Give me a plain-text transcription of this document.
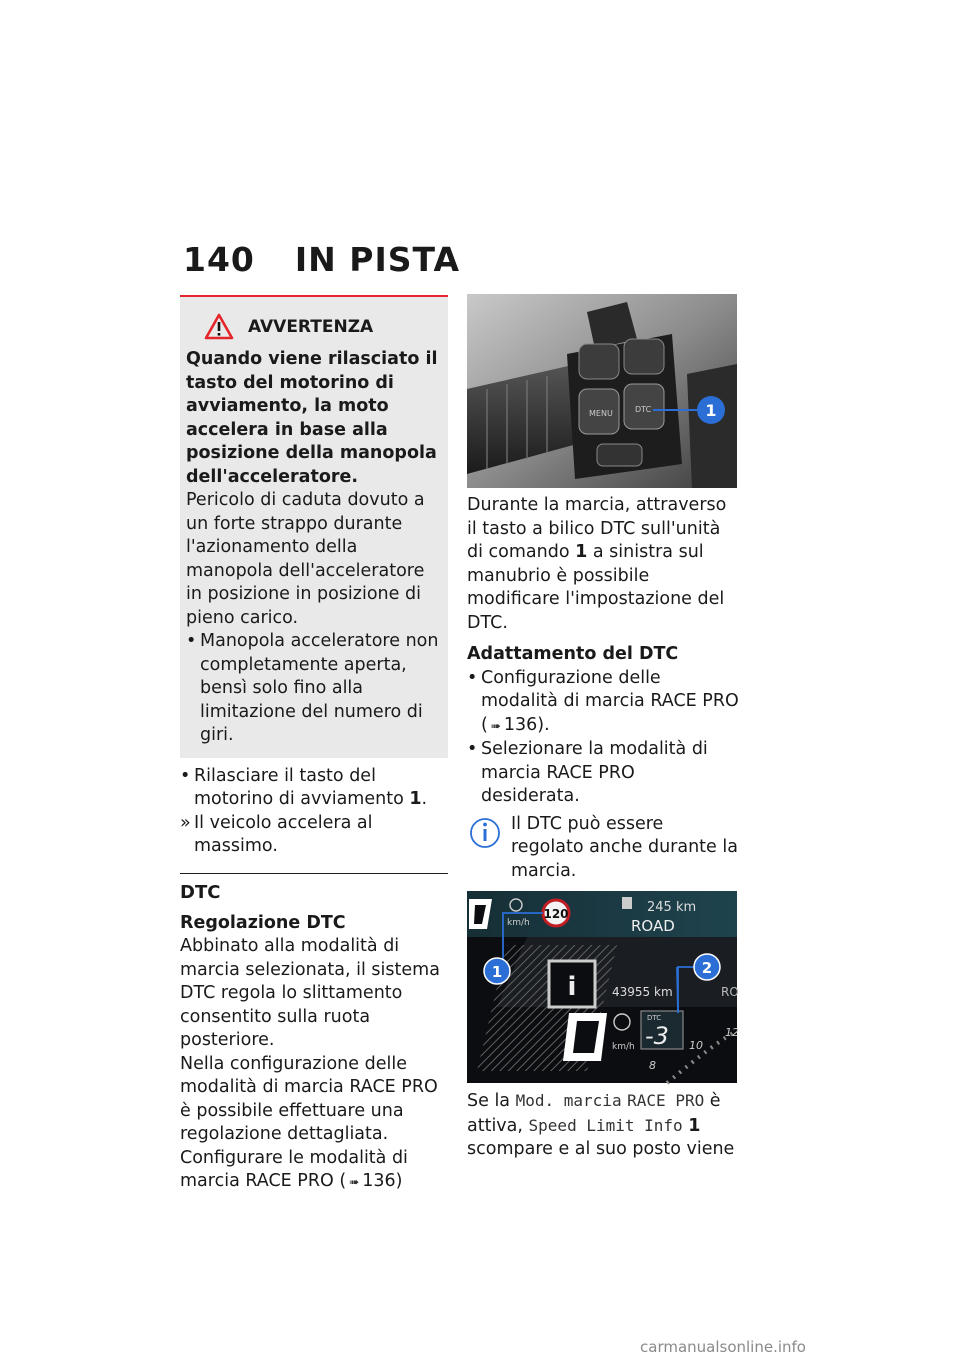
140 IN PISTA
AVVERTENZA
Quando viene rilasciato il tasto del motorino di avviamento, la moto accelera in base alla posizione della manopola dell'acceleratore.
Pericolo di caduta dovuto a un forte strappo durante l'azionamento della manopola dell'acceleratore in posizione in posizione di pieno carico.
• Manopola acceleratore non completamente aperta, bensì solo fino alla limitazione del numero di giri.
• Rilasciare il tasto del motorino di avviamento 1.
» Il veicolo accelera al massimo.
DTC
Regolazione DTC

Abbinato alla modalità di marcia selezionata, il sistema DTC regola lo slittamento consentito sulla ruota posteriore.

Nella configurazione delle modalità di marcia RACE PRO è possibile effettuare una regolazione dettagliata.

Configurare le modalità di marcia RACE PRO ( ➠ 136)

MENU	DTC	1

Durante la marcia, attraverso il tasto a bilico DTC sull'unità di comando 1 a sinistra sul manubrio è possibile modificare l'impostazione del DTC.

Adattamento del DTC
• Configurazione delle modalità di marcia RACE PRO ( ➠ 136).
• Selezionare la modalità di marcia RACE PRO desiderata.

Il DTC può essere regolato anche durante la marcia.

km/h
120	245 km
ROAD
i	43955 km	RO
km/h
DTC
-3 10
8
12
1	2

Se la Mod. marcia RACE PRO è attiva, Speed Limit Info 1 scompare e al suo posto viene

carmanualsonline.info
